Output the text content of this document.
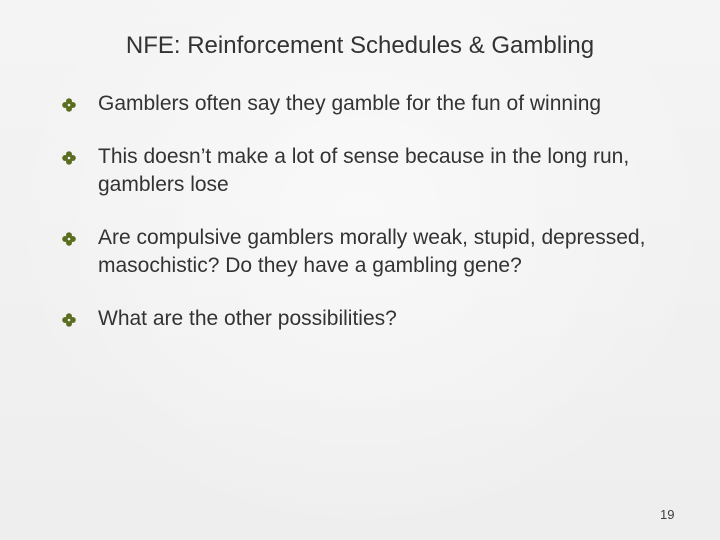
NFE: Reinforcement Schedules & Gambling
Gamblers often say they gamble for the fun of winning
This doesn’t make a lot of sense because in the long run, gamblers lose
Are compulsive gamblers morally weak, stupid, depressed, masochistic? Do they have a gambling gene?
What are the other possibilities?
19
